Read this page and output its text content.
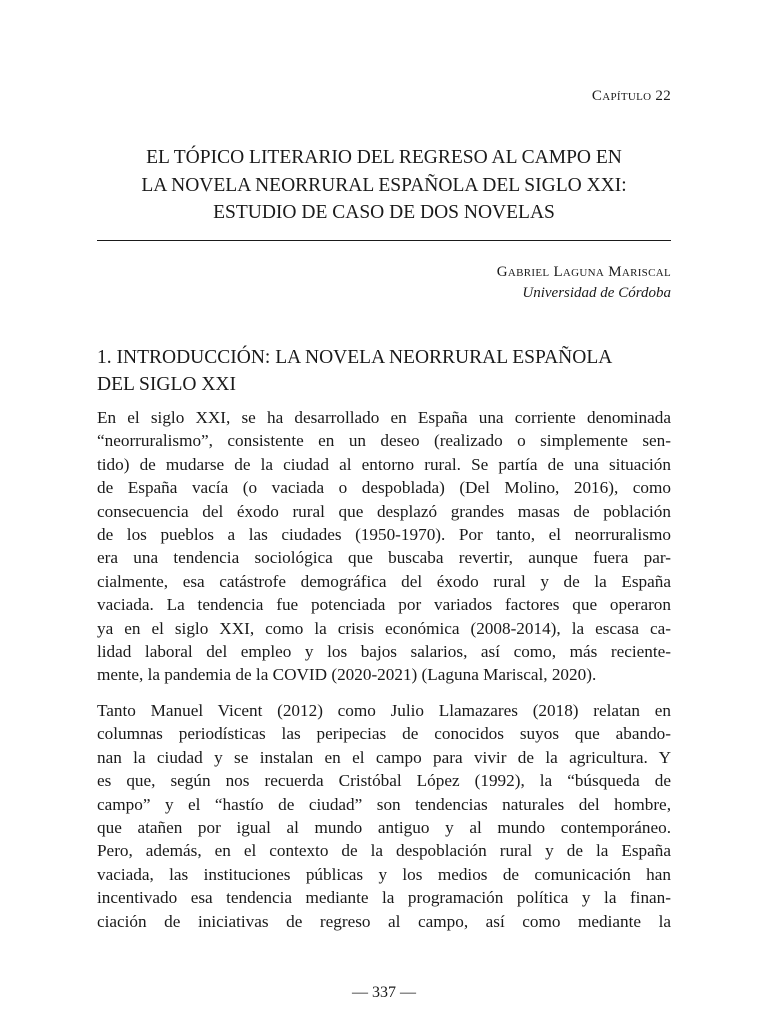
Capítulo 22
EL TÓPICO LITERARIO DEL REGRESO AL CAMPO EN
LA NOVELA NEORRURAL ESPAÑOLA DEL SIGLO XXI:
ESTUDIO DE CASO DE DOS NOVELAS
Gabriel Laguna Mariscal
Universidad de Córdoba
1. INTRODUCCIÓN: LA NOVELA NEORRURAL ESPAÑOLA
DEL SIGLO XXI
En el siglo XXI, se ha desarrollado en España una corriente denominada
“neorruralismo”, consistente en un deseo (realizado o simplemente sen-
tido) de mudarse de la ciudad al entorno rural. Se partía de una situación
de España vacía (o vaciada o despoblada) (Del Molino, 2016), como
consecuencia del éxodo rural que desplazó grandes masas de población
de los pueblos a las ciudades (1950-1970). Por tanto, el neorruralismo
era una tendencia sociológica que buscaba revertir, aunque fuera par-
cialmente, esa catástrofe demográfica del éxodo rural y de la España
vaciada. La tendencia fue potenciada por variados factores que operaron
ya en el siglo XXI, como la crisis económica (2008-2014), la escasa ca-
lidad laboral del empleo y los bajos salarios, así como, más reciente-
mente, la pandemia de la COVID (2020-2021) (Laguna Mariscal, 2020).
Tanto Manuel Vicent (2012) como Julio Llamazares (2018) relatan en
columnas periodísticas las peripecias de conocidos suyos que abando-
nan la ciudad y se instalan en el campo para vivir de la agricultura. Y
es que, según nos recuerda Cristóbal López (1992), la “búsqueda de
campo” y el “hastío de ciudad” son tendencias naturales del hombre,
que atañen por igual al mundo antiguo y al mundo contemporáneo.
Pero, además, en el contexto de la despoblación rural y de la España
vaciada, las instituciones públicas y los medios de comunicación han
incentivado esa tendencia mediante la programación política y la finan-
ciación de iniciativas de regreso al campo, así como mediante la
— 337 —
